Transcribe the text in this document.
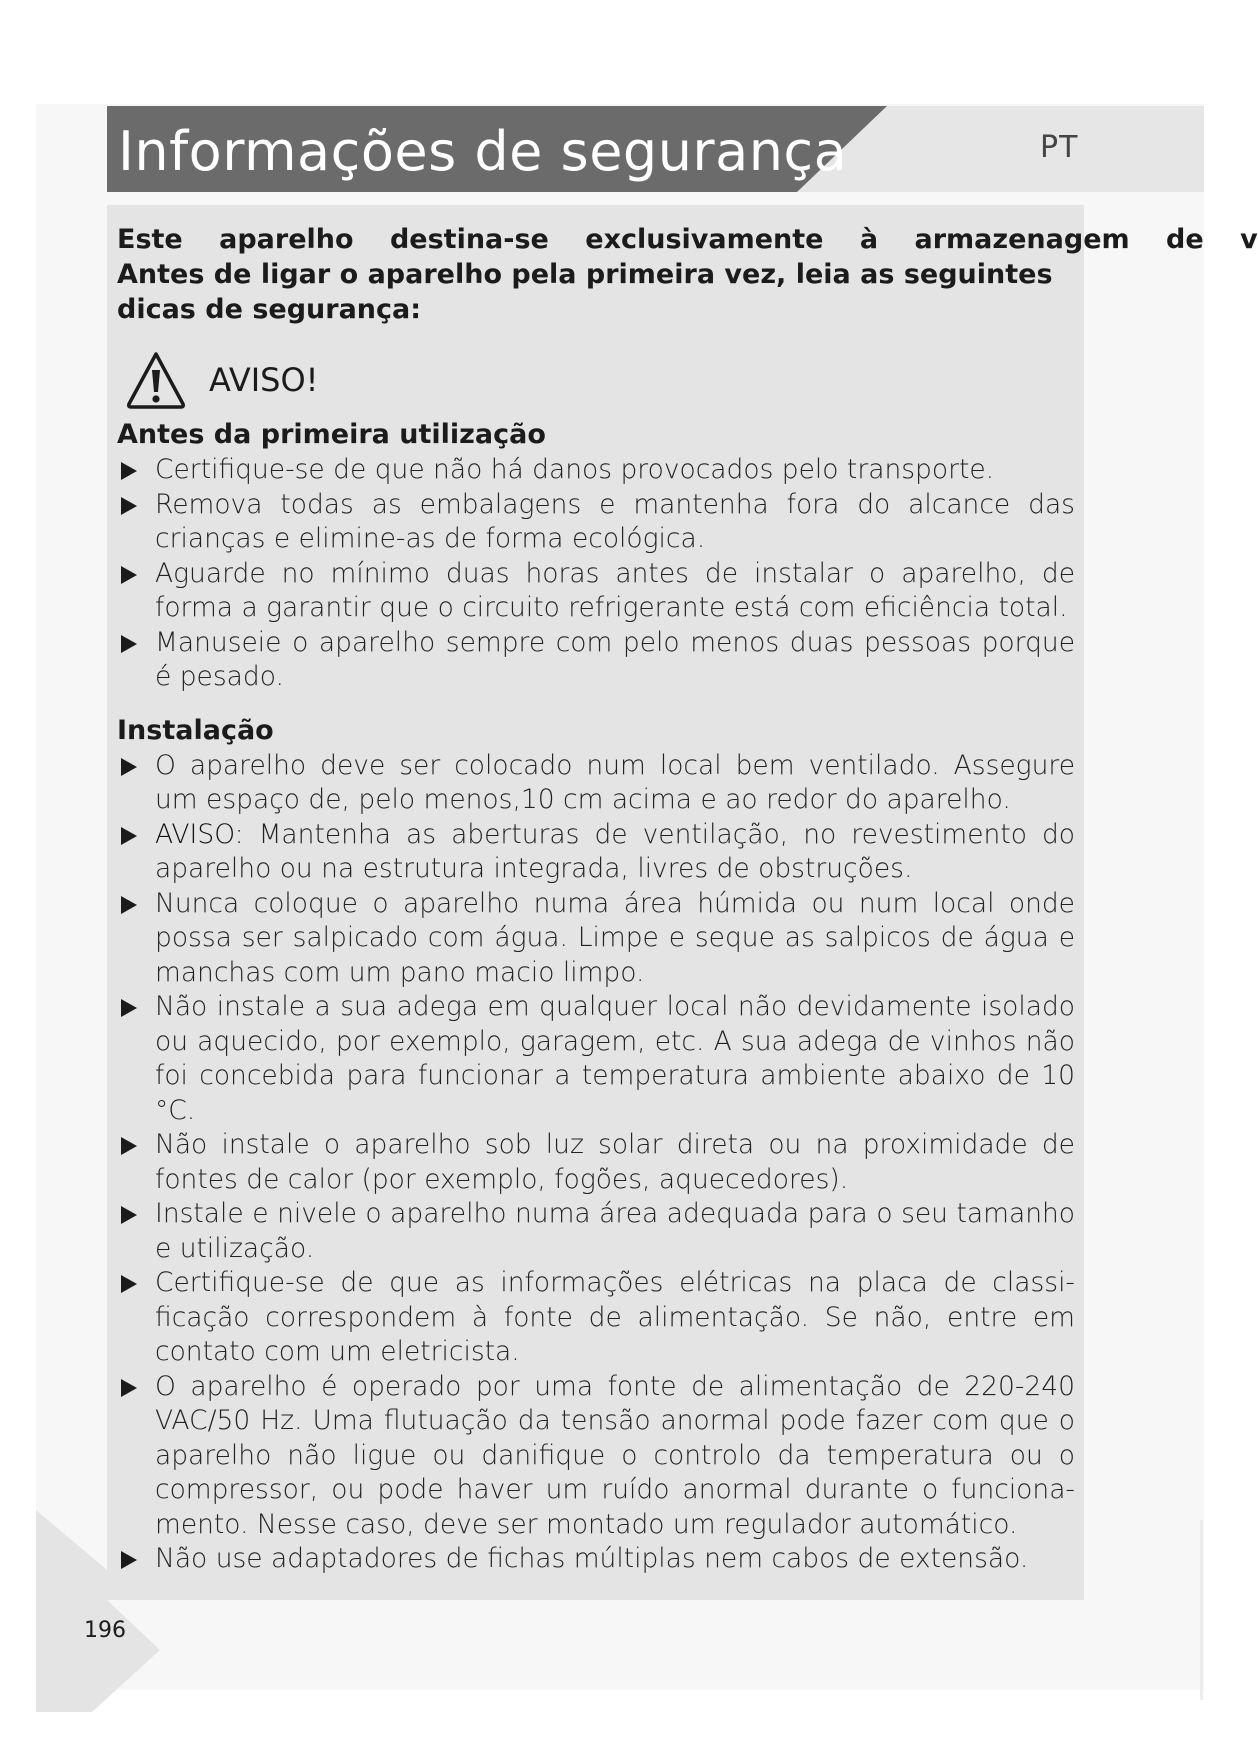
Informações de segurança	PT

Este aparelho destina-se exclusivamente à armazenagem de v
Antes de ligar o aparelho pela primeira vez, leia as seguintes dicas de segurança:

AVISO!
Antes da primeira utilização
Certifique-se de que não há danos provocados pelo transporte.
Remova todas as embalagens e mantenha fora do alcance das crianças e elimine-as de forma ecológica.
Aguarde no mínimo duas horas antes de instalar o aparelho, de forma a garantir que o circuito refrigerante está com eficiência total.
Manuseie o aparelho sempre com pelo menos duas pessoas porque é pesado.
Instalação
O aparelho deve ser colocado num local bem ventilado. Assegure um espaço de, pelo menos,10 cm acima e ao redor do aparelho.
AVISO: Mantenha as aberturas de ventilação, no revestimento do aparelho ou na estrutura integrada, livres de obstruções.
Nunca coloque o aparelho numa área húmida ou num local onde possa ser salpicado com água. Limpe e seque as salpicos de água e manchas com um pano macio limpo.
Não instale a sua adega em qualquer local não devidamente isolado ou aquecido, por exemplo, garagem, etc. A sua adega de vinhos não foi concebida para funcionar a temperatura ambiente abaixo de 10 °C.
Não instale o aparelho sob luz solar direta ou na proximidade de fontes de calor (por exemplo, fogões, aquecedores).
Instale e nivele o aparelho numa área adequada para o seu tamanho e utilização.
Certifique-se de que as informações elétricas na placa de classi-ficação correspondem à fonte de alimentação. Se não, entre em contato com um eletricista.
O aparelho é operado por uma fonte de alimentação de 220-240 VAC/50 Hz. Uma flutuação da tensão anormal pode fazer com que o aparelho não ligue ou danifique o controlo da temperatura ou o compressor, ou pode haver um ruído anormal durante o funciona-mento. Nesse caso, deve ser montado um regulador automático.
Não use adaptadores de fichas múltiplas nem cabos de extensão.
196
